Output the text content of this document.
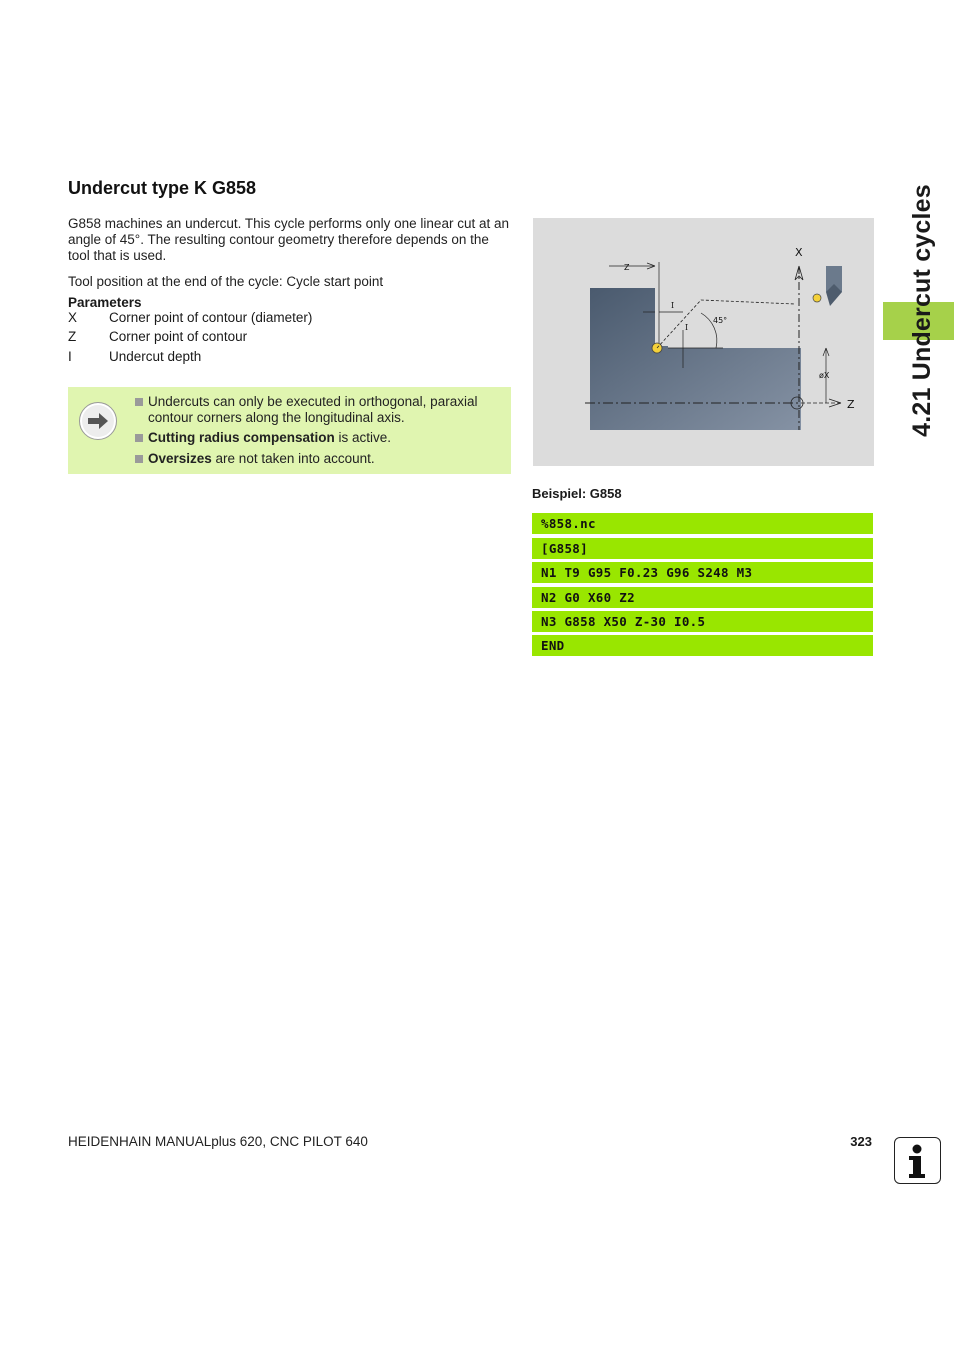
4.21 Undercut cycles
Undercut type K G858
G858 machines an undercut. This cycle performs only one linear cut at an angle of 45°. The resulting contour geometry therefore depends on the tool that is used.
Tool position at the end of the cycle: Cycle start point
Parameters
X	Corner point of contour (diameter)
Z	Corner point of contour
I	Undercut depth
Undercuts can only be executed in orthogonal, paraxial contour corners along the longitudinal axis.
Cutting radius compensation is active.
Oversizes are not taken into account.
X
Z
Z
45°
I
I
øX
Beispiel: G858
%858.nc
[G858]
N1 T9 G95 F0.23 G96 S248 M3
N2 G0 X60 Z2
N3 G858 X50 Z-30 I0.5
END
HEIDENHAIN MANUALplus 620, CNC PILOT 640	323
